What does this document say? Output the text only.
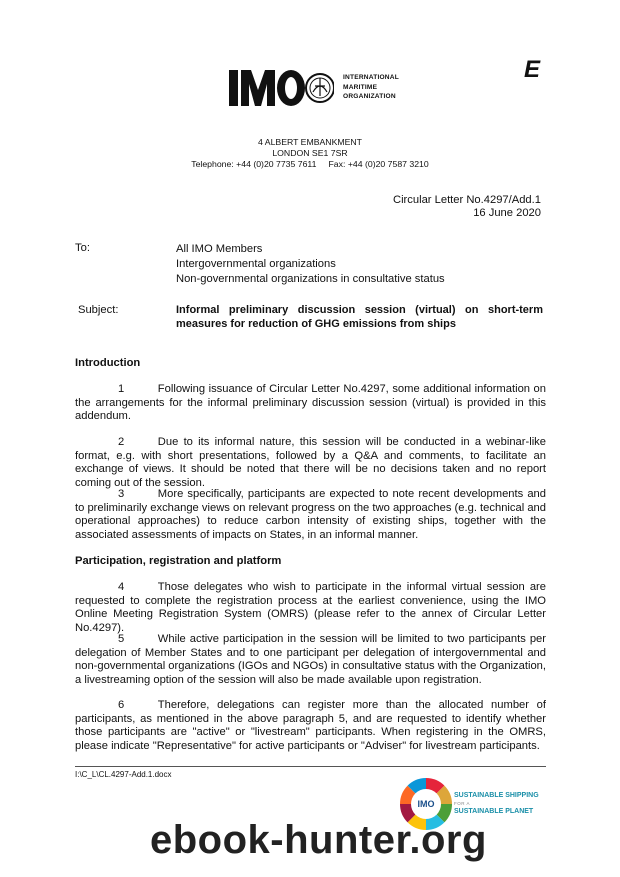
INTERNATIONAL
MARITIME
ORGANIZATION
E
4 ALBERT EMBANKMENT
LONDON SE1 7SR
Telephone: +44 (0)20 7735 7611     Fax: +44 (0)20 7587 3210
Circular Letter No.4297/Add.1
16 June 2020
To:	All IMO Members
Intergovernmental organizations
Non-governmental organizations in consultative status
Subject:	Informal preliminary discussion session (virtual) on short-term measures for reduction of GHG emissions from ships
Introduction
1   	Following issuance of Circular Letter No.4297, some additional information on the arrangements for the informal preliminary discussion session (virtual) is provided in this addendum.
2   	Due to its informal nature, this session will be conducted in a webinar-like format, e.g. with short presentations, followed by a Q&A and comments, to facilitate an exchange of views. It should be noted that there will be no decisions taken and no report coming out of the session.
3   	More specifically, participants are expected to note recent developments and to preliminarily exchange views on relevant progress on the two approaches (e.g. technical and operational approaches) to reduce carbon intensity of existing ships, together with the associated assessments of impacts on States, in an informal manner.
Participation, registration and platform
4   	Those delegates who wish to participate in the informal virtual session are requested to complete the registration process at the earliest convenience, using the IMO Online Meeting Registration System (OMRS) (please refer to the annex of Circular Letter No.4297).
5   	While active participation in the session will be limited to two participants per delegation of Member States and to one participant per delegation of intergovernmental and non-governmental organizations (IGOs and NGOs) in consultative status with the Organization, a livestreaming option of the session will also be made available upon registration.
6   	Therefore, delegations can register more than the allocated number of participants, as mentioned in the above paragraph 5, and are requested to identify whether those participants are "active" or "livestream" participants. When registering in the OMRS, please indicate "Representative" for active participants or "Adviser" for livestream participants.
I:\C_L\CL.4297-Add.1.docx
IMO
SUSTAINABLE SHIPPING
FOR A
SUSTAINABLE PLANET
ebook-hunter.org
